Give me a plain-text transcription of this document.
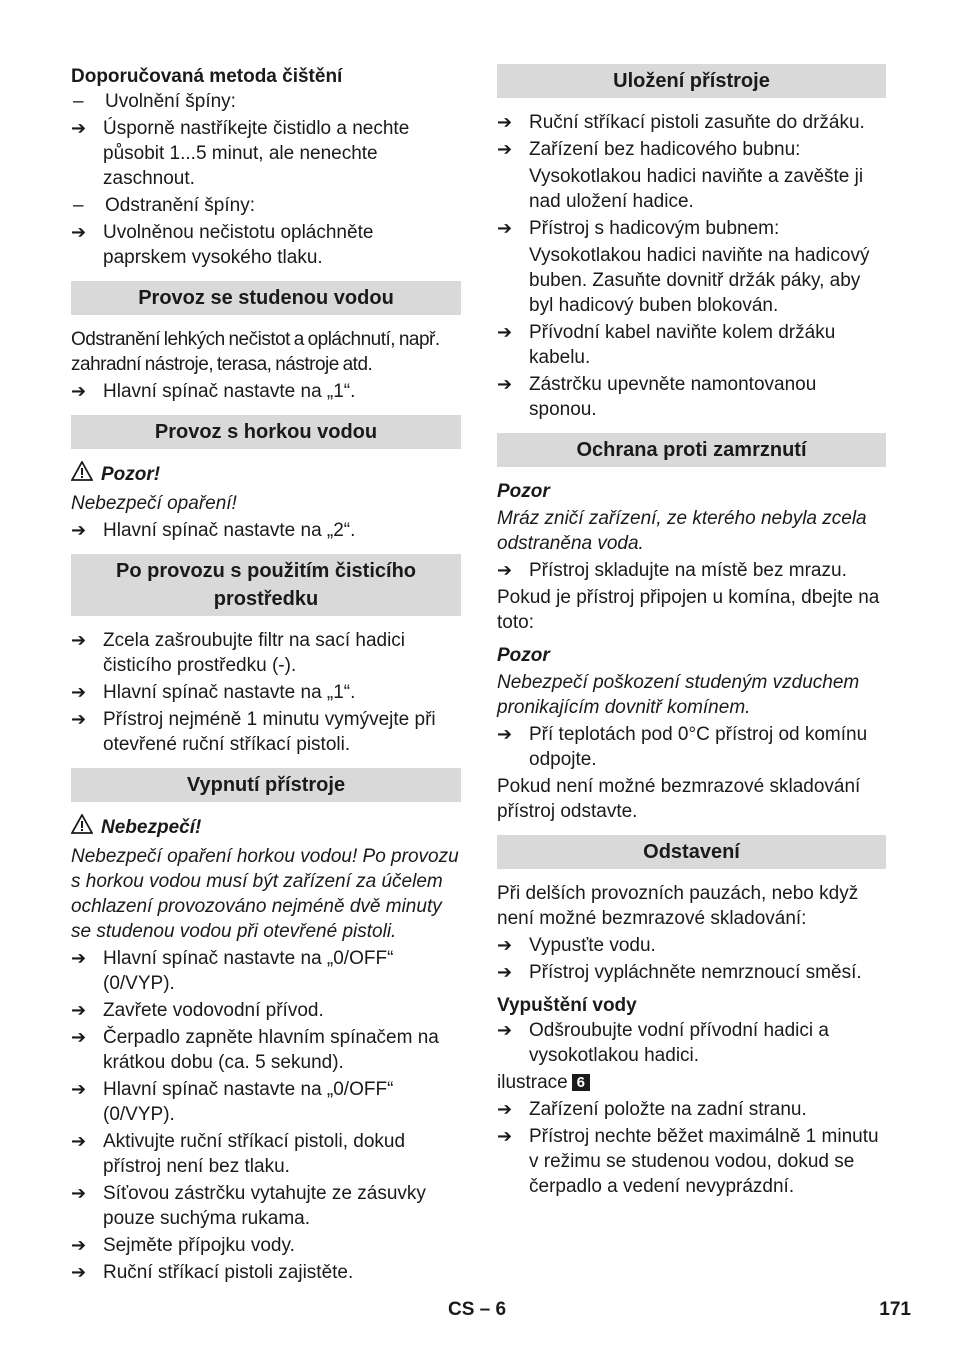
Doporučovaná metoda čištění

–	Uvolnění špíny:
➔ Úsporně nastříkejte čistidlo a nechte působit 1...5 minut, ale nenechte zaschnout.
–	Odstranění špíny:
➔ Uvolněnou nečistotu opláchněte paprskem vysokého tlaku.
Provoz se studenou vodou

Odstranění lehkých nečistot a opláchnutí, např. zahradní nástroje, terasa, nástroje atd.

➔ Hlavní spínač nastavte na „1“.
Provoz s horkou vodou
Pozor!

Nebezpečí opaření!

➔ Hlavní spínač nastavte na „2“.
Po provozu s použitím čisticího prostředku
➔ Zcela zašroubujte filtr na sací hadici čisticího prostředku (-).
➔ Hlavní spínač nastavte na „1“.
➔ Přístroj nejméně 1 minutu vymývejte při otevřené ruční stříkací pistoli.
Vypnutí přístroje
Nebezpečí!

Nebezpečí opaření horkou vodou! Po provozu s horkou vodou musí být zařízení za účelem ochlazení provozováno nejméně dvě minuty se studenou vodou při otevřené pistoli.

➔ Hlavní spínač nastavte na „0/OFF“ (0/VYP).
➔ Zavřete vodovodní přívod.
➔ Čerpadlo zapněte hlavním spínačem na krátkou dobu (ca. 5 sekund).
➔ Hlavní spínač nastavte na „0/OFF“ (0/VYP).
➔ Aktivujte ruční stříkací pistoli, dokud přístroj není bez tlaku.
➔ Síťovou zástrčku vytahujte ze zásuvky pouze suchýma rukama.
➔ Sejměte přípojku vody.
➔ Ruční stříkací pistoli zajistěte.
Uložení přístroje
➔ Ruční stříkací pistoli zasuňte do držáku.
➔ Zařízení bez hadicového bubnu:
Vysokotlakou hadici naviňte a zavěšte ji nad uložení hadice.
➔ Přístroj s hadicovým bubnem:
Vysokotlakou hadici naviňte na hadicový buben. Zasuňte dovnitř držák páky, aby byl hadicový buben blokován.
➔ Přívodní kabel naviňte kolem držáku kabelu.
➔ Zástrčku upevněte namontovanou sponou.
Ochrana proti zamrznutí

Pozor

Mráz zničí zařízení, ze kterého nebyla zcela odstraněna voda.

➔ Přístroj skladujte na místě bez mrazu.

Pokud je přístroj připojen u komína, dbejte na toto:

Pozor

Nebezpečí poškození studeným vzduchem pronikajícím dovnitř komínem.

➔ Pří teplotách pod 0°C přístroj od komínu odpojte.

Pokud není možné bezmrazové skladování přístroj odstavte.

Odstavení

Při delších provozních pauzách, nebo když není možné bezmrazové skladování:

➔ Vypusťte vodu.
➔ Přístroj vypláchněte nemrznoucí směsí.

Vypuštění vody

➔ Odšroubujte vodní přívodní hadici a vysokotlakou hadici.

ilustrace 6

➔ Zařízení položte na zadní stranu.
➔ Přístroj nechte běžet maximálně 1 minutu v režimu se studenou vodou, dokud se čerpadlo a vedení nevyprázdní.
CS – 6	171
